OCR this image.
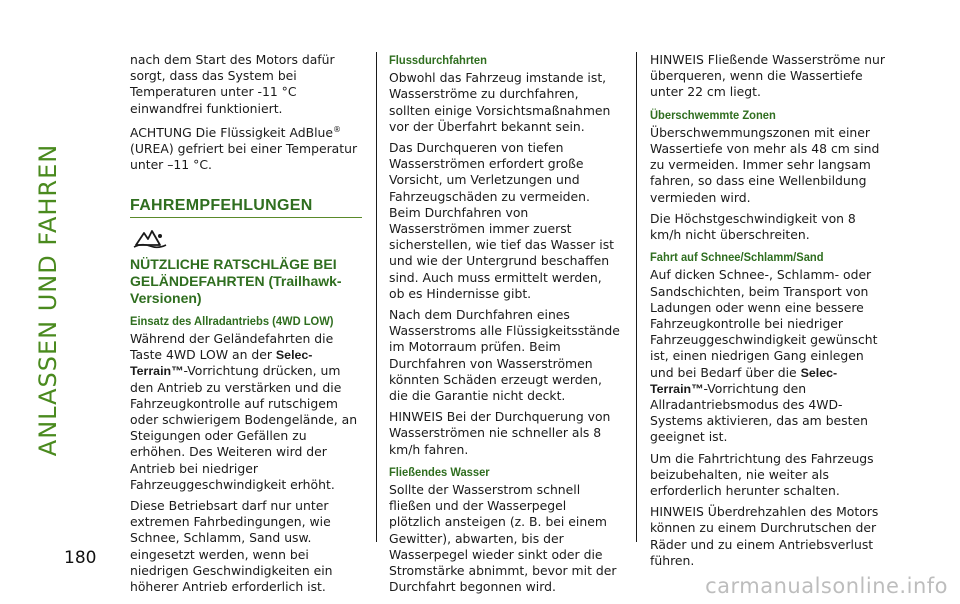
ANLASSEN UND FAHREN
180

nach dem Start des Motors dafür sorgt, dass das System bei Temperaturen unter -11 °C einwandfrei funktioniert.

ACHTUNG Die Flüssigkeit AdBlue® (UREA) gefriert bei einer Temperatur unter –11 °C.

FAHREMPFEHLUNGEN
NÜTZLICHE RATSCHLÄGE BEI GELÄNDEFAHRTEN (Trailhawk-Versionen)
Einsatz des Allradantriebs (4WD LOW)

Während der Geländefahrten die Taste 4WD LOW an der Selec-Terrain™-Vorrichtung drücken, um den Antrieb zu verstärken und die Fahrzeugkontrolle auf rutschigem oder schwierigem Bodengelände, an Steigungen oder Gefällen zu erhöhen. Des Weiteren wird der Antrieb bei niedriger Fahrzeuggeschwindigkeit erhöht.

Diese Betriebsart darf nur unter extremen Fahrbedingungen, wie Schnee, Schlamm, Sand usw. eingesetzt werden, wenn bei niedrigen Geschwindigkeiten ein höherer Antrieb erforderlich ist.

Flussdurchfahrten

Obwohl das Fahrzeug imstande ist, Wasserströme zu durchfahren, sollten einige Vorsichtsmaßnahmen vor der Überfahrt bekannt sein.

Das Durchqueren von tiefen Wasserströmen erfordert große Vorsicht, um Verletzungen und Fahrzeugschäden zu vermeiden. Beim Durchfahren von Wasserströmen immer zuerst sicherstellen, wie tief das Wasser ist und wie der Untergrund beschaffen sind. Auch muss ermittelt werden, ob es Hindernisse gibt.

Nach dem Durchfahren eines Wasserstroms alle Flüssigkeitsstände im Motorraum prüfen. Beim Durchfahren von Wasserströmen könnten Schäden erzeugt werden, die die Garantie nicht deckt.

HINWEIS Bei der Durchquerung von Wasserströmen nie schneller als 8 km/h fahren.

Fließendes Wasser

Sollte der Wasserstrom schnell fließen und der Wasserpegel plötzlich ansteigen (z. B. bei einem Gewitter), abwarten, bis der Wasserpegel wieder sinkt oder die Stromstärke abnimmt, bevor mit der Durchfahrt begonnen wird.

HINWEIS Fließende Wasserströme nur überqueren, wenn die Wassertiefe unter 22 cm liegt.

Überschwemmte Zonen

Überschwemmungszonen mit einer Wassertiefe von mehr als 48 cm sind zu vermeiden. Immer sehr langsam fahren, so dass eine Wellenbildung vermieden wird.

Die Höchstgeschwindigkeit von 8 km/h nicht überschreiten.

Fahrt auf Schnee/Schlamm/Sand

Auf dicken Schnee-, Schlamm- oder Sandschichten, beim Transport von Ladungen oder wenn eine bessere Fahrzeugkontrolle bei niedriger Fahrzeuggeschwindigkeit gewünscht ist, einen niedrigen Gang einlegen und bei Bedarf über die Selec-Terrain™-Vorrichtung den Allradantriebsmodus des 4WD-Systems aktivieren, das am besten geeignet ist.

Um die Fahrtrichtung des Fahrzeugs beizubehalten, nie weiter als erforderlich herunter schalten.

HINWEIS Überdrehzahlen des Motors können zu einem Durchrutschen der Räder und zu einem Antriebsverlust führen.

carmanualsonline.info
